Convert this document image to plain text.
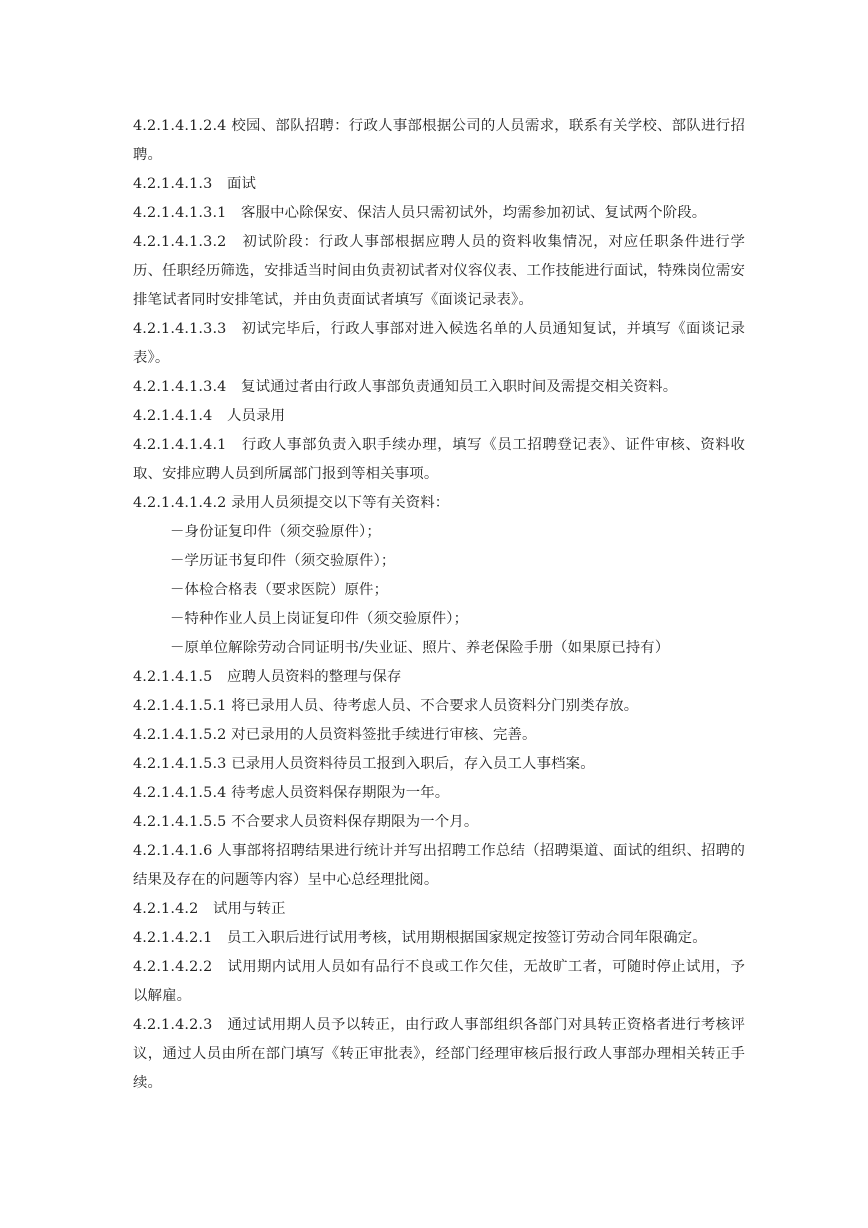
4.2.1.4.1.2.4 校园、部队招聘：行政人事部根据公司的人员需求，联系有关学校、部队进行招聘。

4.2.1.4.1.3　面试

4.2.1.4.1.3.1　客服中心除保安、保洁人员只需初试外，均需参加初试、复试两个阶段。

4.2.1.4.1.3.2　初试阶段：行政人事部根据应聘人员的资料收集情况，对应任职条件进行学历、任职经历筛选，安排适当时间由负责初试者对仪容仪表、工作技能进行面试，特殊岗位需安排笔试者同时安排笔试，并由负责面试者填写《面谈记录表》。

4.2.1.4.1.3.3　初试完毕后，行政人事部对进入候选名单的人员通知复试，并填写《面谈记录表》。

4.2.1.4.1.3.4　复试通过者由行政人事部负责通知员工入职时间及需提交相关资料。

4.2.1.4.1.4　人员录用

4.2.1.4.1.4.1　行政人事部负责入职手续办理，填写《员工招聘登记表》、证件审核、资料收取、安排应聘人员到所属部门报到等相关事项。

4.2.1.4.1.4.2 录用人员须提交以下等有关资料：

－身份证复印件（须交验原件）；

－学历证书复印件（须交验原件）；

－体检合格表（要求医院）原件；

－特种作业人员上岗证复印件（须交验原件）；

－原单位解除劳动合同证明书/失业证、照片、养老保险手册（如果原已持有）

4.2.1.4.1.5　应聘人员资料的整理与保存

4.2.1.4.1.5.1 将已录用人员、待考虑人员、不合要求人员资料分门别类存放。

4.2.1.4.1.5.2 对已录用的人员资料签批手续进行审核、完善。

4.2.1.4.1.5.3 已录用人员资料待员工报到入职后，存入员工人事档案。

4.2.1.4.1.5.4 待考虑人员资料保存期限为一年。

4.2.1.4.1.5.5 不合要求人员资料保存期限为一个月。

4.2.1.4.1.6 人事部将招聘结果进行统计并写出招聘工作总结（招聘渠道、面试的组织、招聘的结果及存在的问题等内容）呈中心总经理批阅。

4.2.1.4.2　试用与转正

4.2.1.4.2.1　员工入职后进行试用考核，试用期根据国家规定按签订劳动合同年限确定。

4.2.1.4.2.2　试用期内试用人员如有品行不良或工作欠佳，无故旷工者，可随时停止试用，予以解雇。

4.2.1.4.2.3　通过试用期人员予以转正，由行政人事部组织各部门对具转正资格者进行考核评议，通过人员由所在部门填写《转正审批表》，经部门经理审核后报行政人事部办理相关转正手续。
